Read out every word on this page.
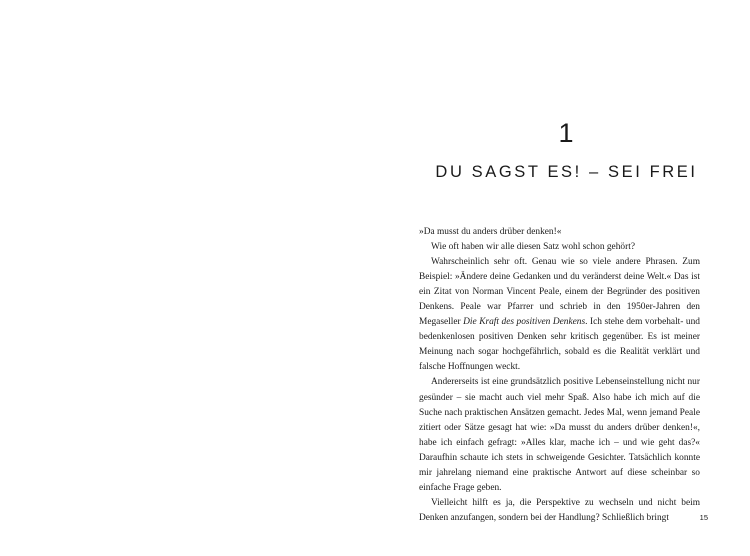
1
DU SAGST ES! – SEI FREI

»Da musst du anders drüber denken!«

Wie oft haben wir alle diesen Satz wohl schon gehört?

Wahrscheinlich sehr oft. Genau wie so viele andere Phrasen. Zum Beispiel: »Ändere deine Gedanken und du veränderst deine Welt.« Das ist ein Zitat von Norman Vincent Peale, einem der Begründer des positiven Denkens. Peale war Pfarrer und schrieb in den 1950er-Jahren den Megaseller Die Kraft des positiven Denkens. Ich stehe dem vorbehalt- und bedenkenlosen positiven Denken sehr kritisch gegenüber. Es ist meiner Meinung nach sogar hochgefährlich, sobald es die Realität verklärt und falsche Hoffnungen weckt.

Andererseits ist eine grundsätzlich positive Lebenseinstellung nicht nur gesünder – sie macht auch viel mehr Spaß. Also habe ich mich auf die Suche nach praktischen Ansätzen gemacht. Jedes Mal, wenn jemand Peale zitiert oder Sätze gesagt hat wie: »Da musst du anders drüber denken!«, habe ich einfach gefragt: »Alles klar, mache ich – und wie geht das?« Daraufhin schaute ich stets in schweigende Gesichter. Tatsächlich konnte mir jahrelang niemand eine praktische Antwort auf diese scheinbar so einfache Frage geben.

Vielleicht hilft es ja, die Perspektive zu wechseln und nicht beim Denken anzufangen, sondern bei der Handlung? Schließlich bringt	15
